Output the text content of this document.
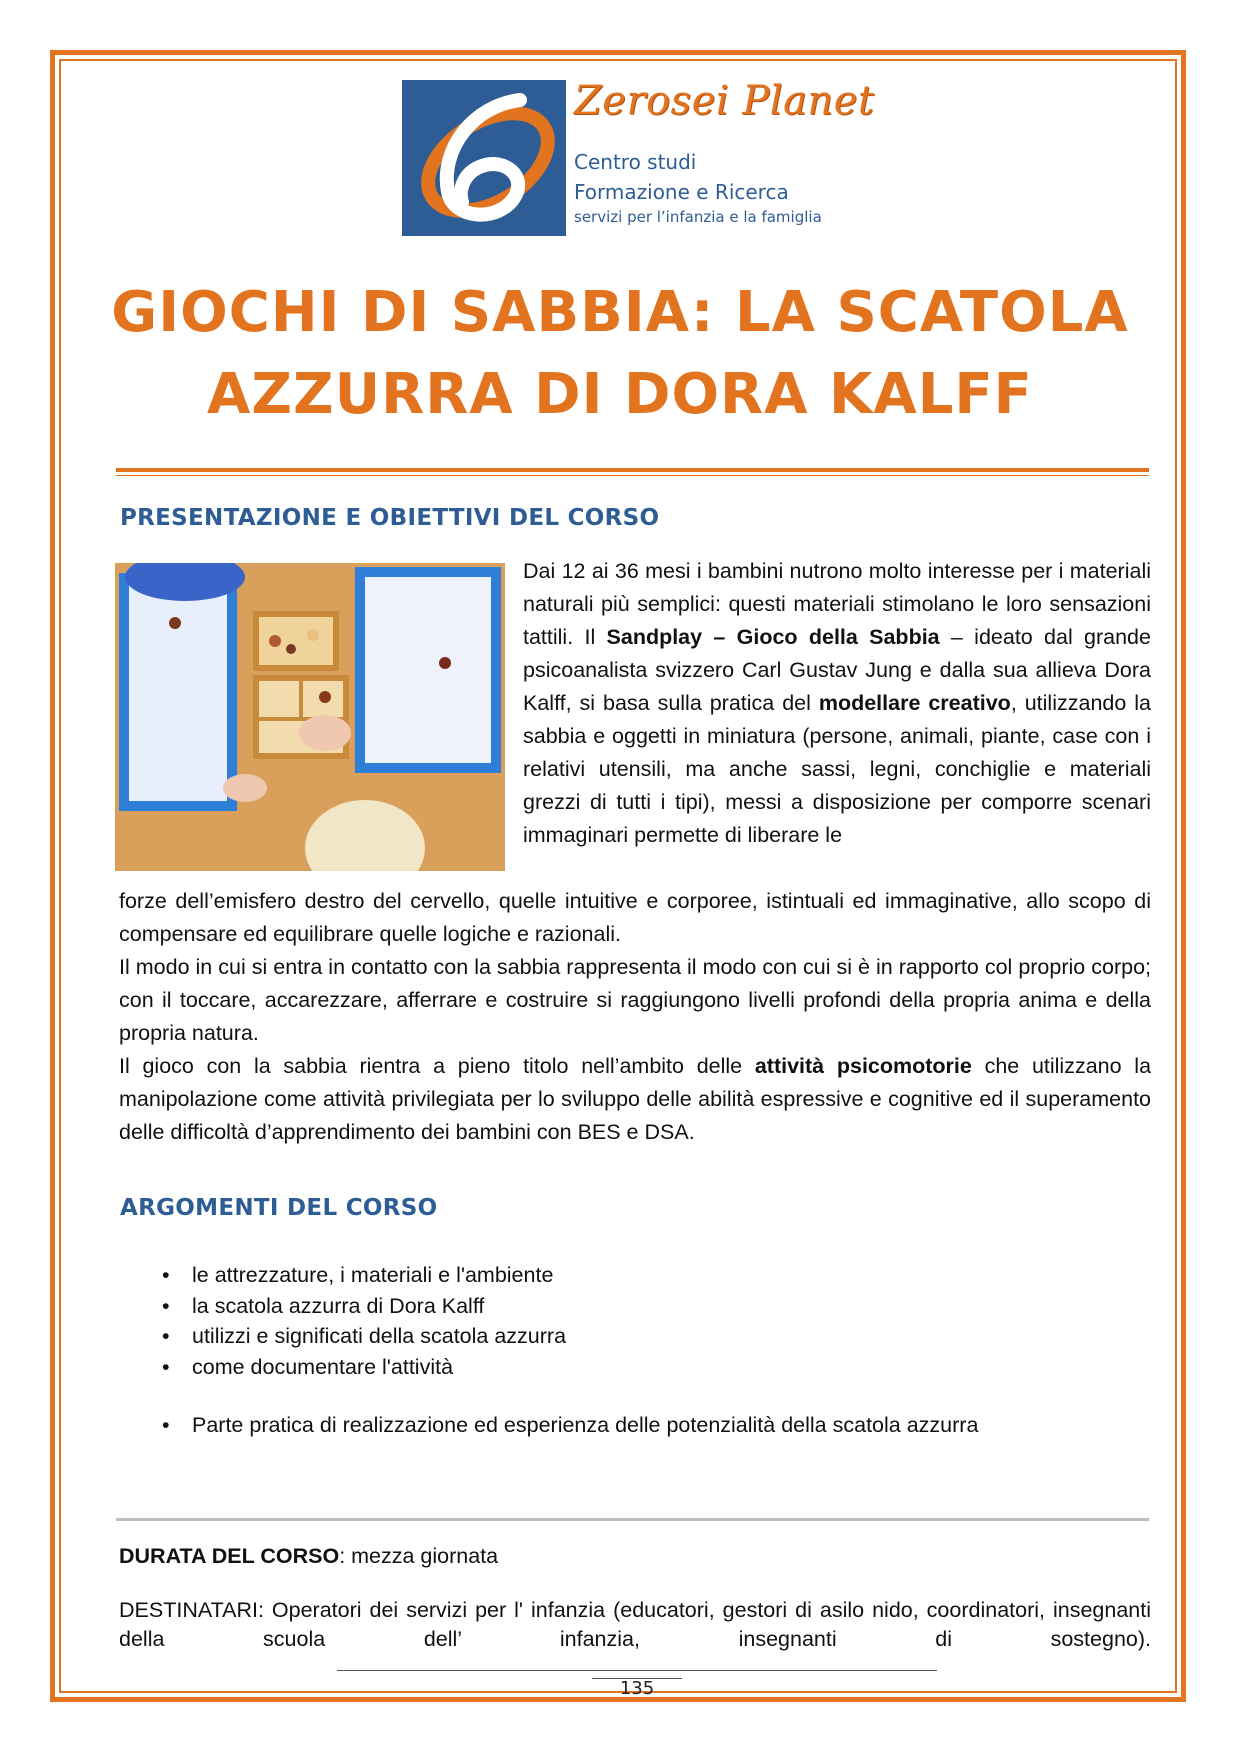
Zerosei Planet
Centro studi
Formazione e Ricerca
servizi per l’infanzia e la famiglia
GIOCHI DI SABBIA: LA SCATOLA
AZZURRA DI DORA KALFF
PRESENTAZIONE E OBIETTIVI DEL CORSO

Dai 12 ai 36 mesi i bambini nutrono molto interesse per i materiali naturali più semplici: questi materiali stimolano le loro sensazioni tattili. Il Sandplay – Gioco della Sabbia – ideato dal grande psicoanalista svizzero Carl Gustav Jung e dalla sua allieva Dora Kalff, si basa sulla pratica del modellare creativo, utilizzando la sabbia e oggetti in miniatura (persone, animali, piante, case con i relativi utensili, ma anche sassi, legni, conchiglie e materiali grezzi di tutti i tipi), messi a disposizione per comporre scenari immaginari permette di liberare le

forze dell’emisfero destro del cervello, quelle intuitive e corporee, istintuali ed immaginative, allo scopo di compensare ed equilibrare quelle logiche e razionali.

Il modo in cui si entra in contatto con la sabbia rappresenta il modo con cui si è in rapporto col proprio corpo; con il toccare, accarezzare, afferrare e costruire si raggiungono livelli profondi della propria anima e della propria natura.

Il gioco con la sabbia rientra a pieno titolo nell’ambito delle attività psicomotorie che utilizzano la manipolazione come attività privilegiata per lo sviluppo delle abilità espressive e cognitive ed il superamento delle difficoltà d’apprendimento dei bambini con BES e DSA.

ARGOMENTI DEL CORSO
• le attrezzature, i materiali e l'ambiente
• la scatola azzurra di Dora Kalff
• utilizzi e significati della scatola azzurra
• come documentare l'attività
• Parte pratica di realizzazione ed esperienza delle potenzialità della scatola azzurra

DURATA DEL CORSO: mezza giornata

DESTINATARI: Operatori dei servizi per l' infanzia (educatori, gestori di asilo nido, coordinatori, insegnanti della scuola dell’ infanzia, insegnanti di sostegno).

135
